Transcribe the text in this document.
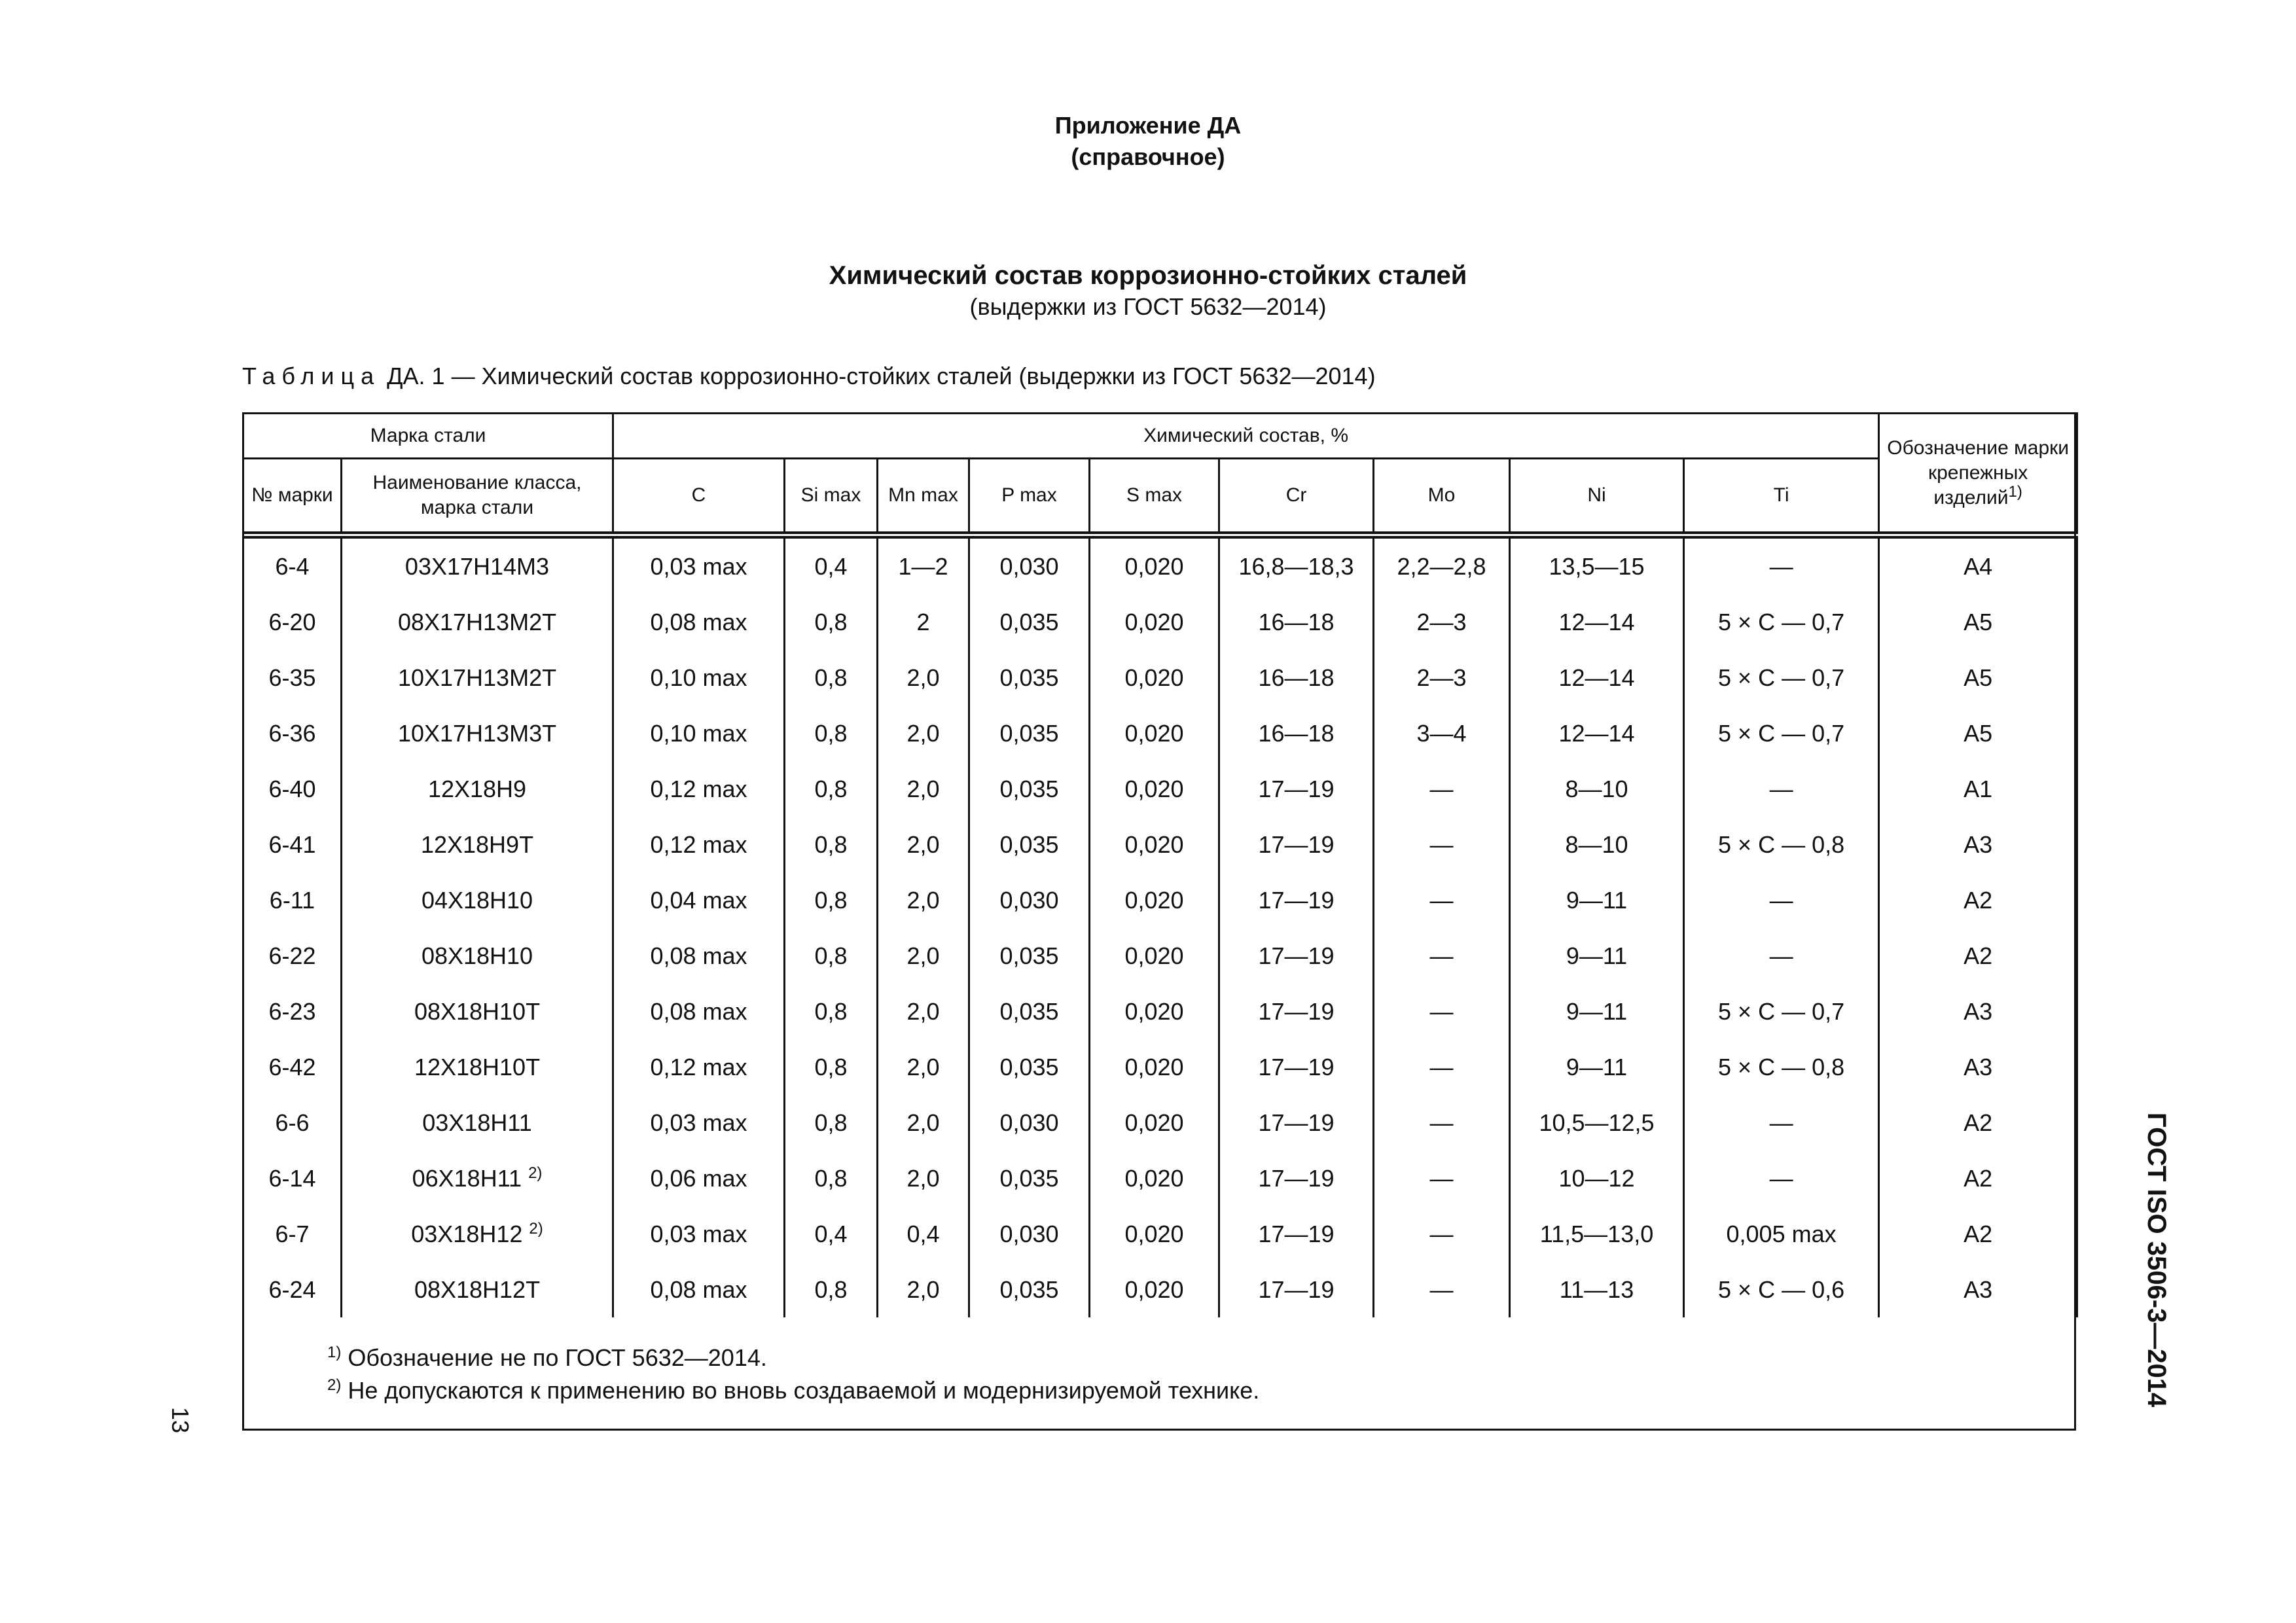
Приложение ДА
(справочное)
Химический состав коррозионно-стойких сталей
(выдержки из ГОСТ 5632—2014)
Таблица ДА. 1 — Химический состав коррозионно-стойких сталей (выдержки из ГОСТ 5632—2014)
Марка стали		Химический состав, %									Обозначение марки крепежных изделий$^{1)}$
№ марки	Наименование класса, марка стали	C	Si max	Mn max	P max	S max	Cr	Mo	Ni	Ti	
6-4	03Х17Н14М3	0,03 max	0,4	1—2	0,030	0,020	16,8—18,3	2,2—2,8	13,5—15	—	A4
6-20	08Х17Н13М2Т	0,08 max	0,8	2	0,035	0,020	16—18	2—3	12—14	5 × C — 0,7	A5
6-35	10Х17Н13М2Т	0,10 max	0,8	2,0	0,035	0,020	16—18	2—3	12—14	5 × C — 0,7	A5
6-36	10Х17Н13М3Т	0,10 max	0,8	2,0	0,035	0,020	16—18	3—4	12—14	5 × C — 0,7	A5
6-40	12Х18Н9	0,12 max	0,8	2,0	0,035	0,020	17—19	—	8—10	—	A1
6-41	12Х18Н9Т	0,12 max	0,8	2,0	0,035	0,020	17—19	—	8—10	5 × C — 0,8	A3
6-11	04Х18Н10	0,04 max	0,8	2,0	0,030	0,020	17—19	—	9—11	—	A2
6-22	08Х18Н10	0,08 max	0,8	2,0	0,035	0,020	17—19	—	9—11	—	A2
6-23	08Х18Н10Т	0,08 max	0,8	2,0	0,035	0,020	17—19	—	9—11	5 × C — 0,7	A3
6-42	12Х18Н10Т	0,12 max	0,8	2,0	0,035	0,020	17—19	—	9—11	5 × C — 0,8	A3
6-6	03Х18Н11	0,03 max	0,8	2,0	0,030	0,020	17—19	—	10,5—12,5	—	A2
6-14	06Х18Н11 $^{2)}$	0,06 max	0,8	2,0	0,035	0,020	17—19	—	10—12	—	A2
6-7	03Х18Н12 $^{2)}$	0,03 max	0,4	0,4	0,030	0,020	17—19	—	11,5—13,0	0,005 max	A2
6-24	08Х18Н12Т	0,08 max	0,8	2,0	0,035	0,020	17—19	—	11—13	5 × C — 0,6	A3
$^{1)}$ Обозначение не по ГОСТ 5632—2014.
$^{2)}$ Не допускаются к применению во вновь создаваемой и модернизируемой технике.	ГОСТ ISO 3506-3—2014
13
